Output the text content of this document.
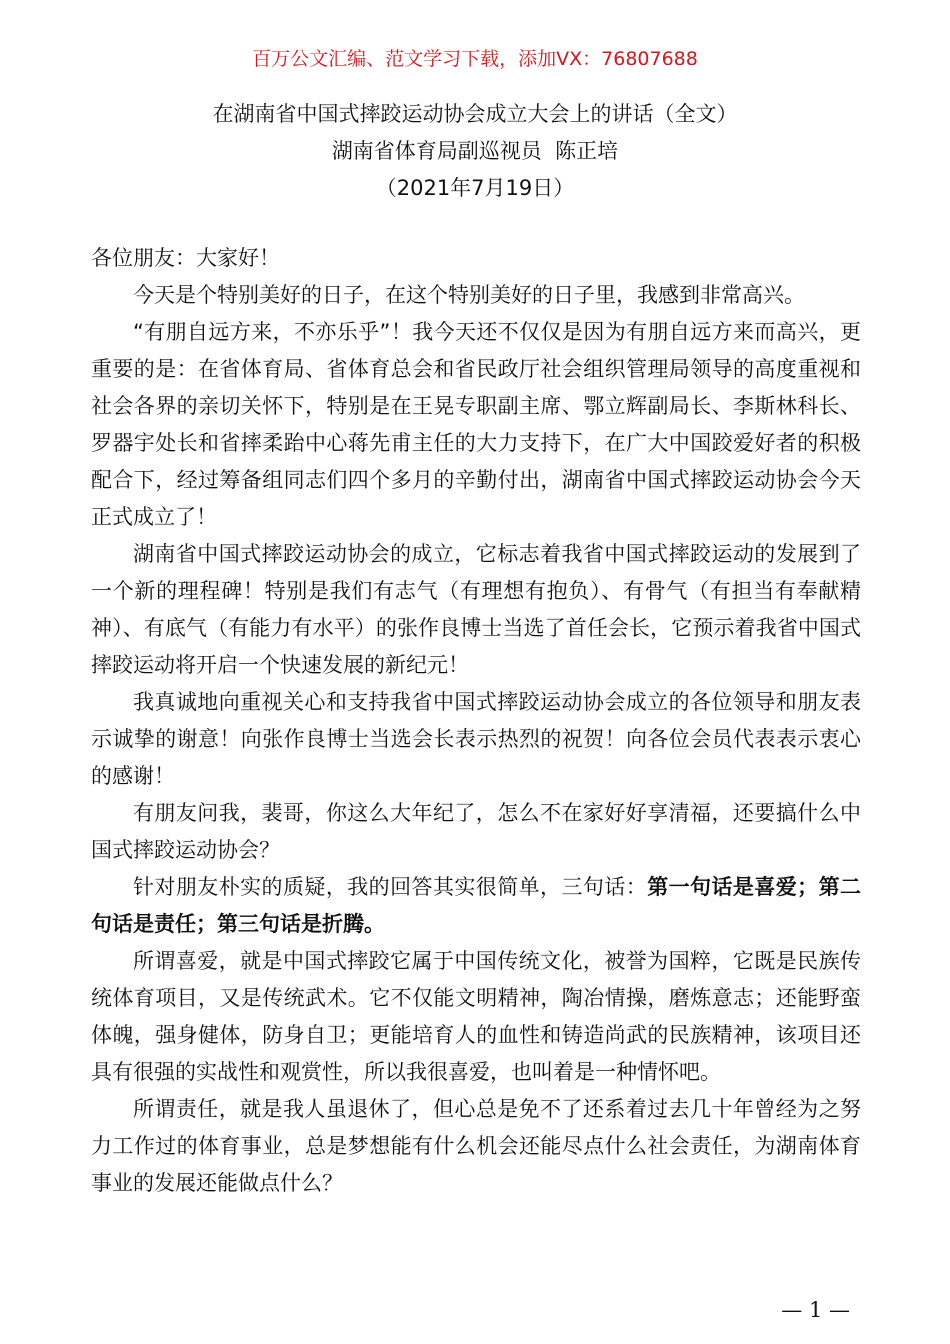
百万公文汇编、范文学习下载，添加VX：76807688
在湖南省中国式摔跤运动协会成立大会上的讲话（全文）
湖南省体育局副巡视员  陈正培
（2021年7月19日）

各位朋友：大家好！

今天是个特别美好的日子，在这个特别美好的日子里，我感到非常高兴。

“有朋自远方来，不亦乐乎”！我今天还不仅仅是因为有朋自远方来而高兴，更重要的是：在省体育局、省体育总会和省民政厅社会组织管理局领导的高度重视和社会各界的亲切关怀下，特别是在王晃专职副主席、鄂立辉副局长、李斯林科长、罗器宇处长和省摔柔跆中心蒋先甫主任的大力支持下，在广大中国跤爱好者的积极配合下，经过筹备组同志们四个多月的辛勤付出，湖南省中国式摔跤运动协会今天正式成立了！

湖南省中国式摔跤运动协会的成立，它标志着我省中国式摔跤运动的发展到了一个新的理程碑！特别是我们有志气（有理想有抱负）、有骨气（有担当有奉献精神）、有底气（有能力有水平）的张作良博士当选了首任会长，它预示着我省中国式摔跤运动将开启一个快速发展的新纪元！

我真诚地向重视关心和支持我省中国式摔跤运动协会成立的各位领导和朋友表示诚挚的谢意！向张作良博士当选会长表示热烈的祝贺！向各位会员代表表示衷心的感谢！

有朋友问我，裴哥，你这么大年纪了，怎么不在家好好享清福，还要搞什么中国式摔跤运动协会？

针对朋友朴实的质疑，我的回答其实很简单，三句话：第一句话是喜爱；第二句话是责任；第三句话是折腾。

所谓喜爱，就是中国式摔跤它属于中国传统文化，被誉为国粹，它既是民族传统体育项目，又是传统武术。它不仅能文明精神，陶冶情操，磨炼意志；还能野蛮体魄，强身健体，防身自卫；更能培育人的血性和铸造尚武的民族精神，该项目还具有很强的实战性和观赏性，所以我很喜爱，也叫着是一种情怀吧。

所谓责任，就是我人虽退休了，但心总是免不了还系着过去几十年曾经为之努力工作过的体育事业，总是梦想能有什么机会还能尽点什么社会责任，为湖南体育事业的发展还能做点什么？

— 1 —
